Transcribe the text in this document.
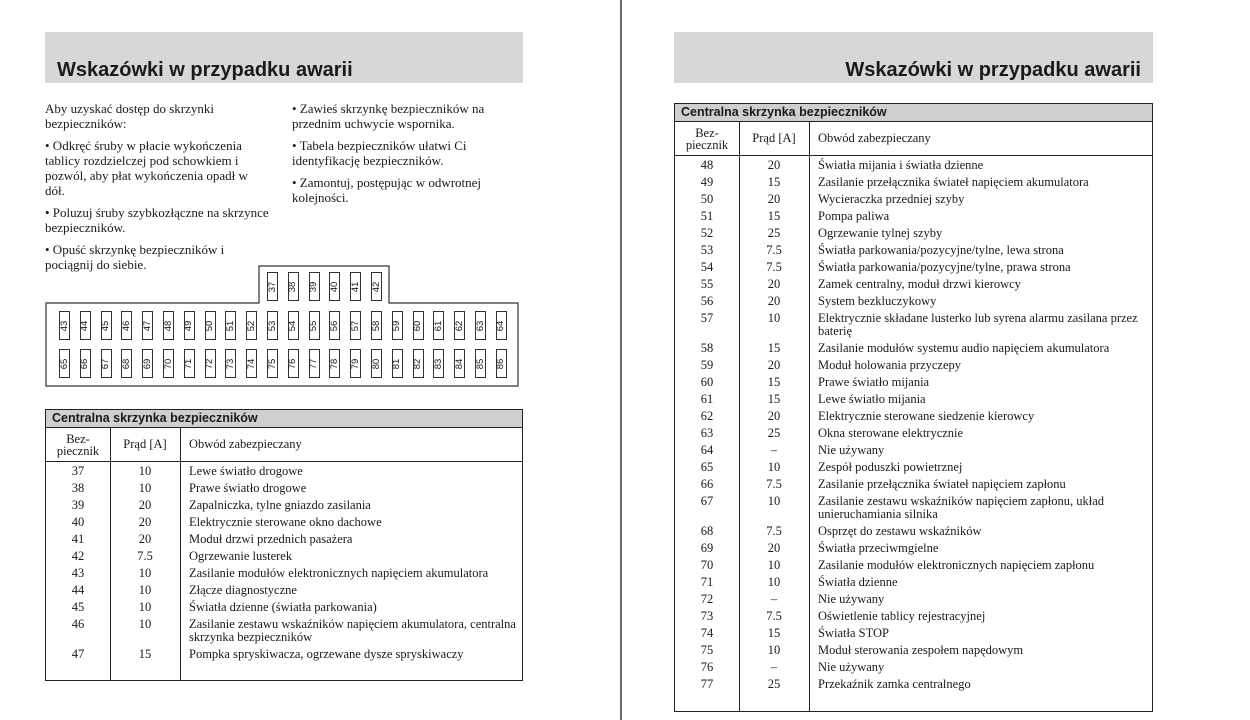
Wskazówki w przypadku awarii

Aby uzyskać dostęp do skrzynki bezpieczników:

• Odkręć śruby w płacie wykończenia tablicy rozdzielczej pod schowkiem i pozwól, aby płat wykończenia opadł w dół.

• Poluzuj śruby szybkozłączne na skrzynce bezpieczników.

• Opuść skrzynkę bezpieczników i pociągnij do siebie.

• Zawieś skrzynkę bezpieczników na przednim uchwycie wspornika.

• Tabela bezpieczników ułatwi Ci identyfikację bezpieczników.

• Zamontuj, postępując w odwrotnej kolejności.

37 38 39 40 41 42
43 44 45 46 47 48 49 50 51 52 53 54 55 56 57 58 59 60 61 62 63 64
65 66 67 68 69 70 71 72 73 74 75 76 77 78 79 80 81 82 83 84 85 86
Centralna skrzynka bezpieczników
Bez-
piecznik	Prąd [A]	Obwód zabezpieczany
37	10	Lewe światło drogowe
38	10	Prawe światło drogowe
39	20	Zapalniczka, tylne gniazdo zasilania
40	20	Elektrycznie sterowane okno dachowe
41	20	Moduł drzwi przednich pasażera
42	7.5	Ogrzewanie lusterek
43	10	Zasilanie modułów elektronicznych napięciem akumulatora
44	10	Złącze diagnostyczne
45	10	Światła dzienne (światła parkowania)
46	10	Zasilanie zestawu wskaźników napięciem akumulatora, centralna skrzynka bezpieczników
47	15	Pompka spryskiwacza, ogrzewane dysze spryskiwaczy
Wskazówki w przypadku awarii
Centralna skrzynka bezpieczników
Bez-
piecznik	Prąd [A]	Obwód zabezpieczany
48	20	Światła mijania i światła dzienne
49	15	Zasilanie przełącznika świateł napięciem akumulatora
50	20	Wycieraczka przedniej szyby
51	15	Pompa paliwa
52	25	Ogrzewanie tylnej szyby
53	7.5	Światła parkowania/pozycyjne/tylne, lewa strona
54	7.5	Światła parkowania/pozycyjne/tylne, prawa strona
55	20	Zamek centralny, moduł drzwi kierowcy
56	20	System bezkluczykowy
57	10	Elektrycznie składane lusterko lub syrena alarmu zasilana przez baterię
58	15	Zasilanie modułów systemu audio napięciem akumulatora
59	20	Moduł holowania przyczepy
60	15	Prawe światło mijania
61	15	Lewe światło mijania
62	20	Elektrycznie sterowane siedzenie kierowcy
63	25	Okna sterowane elektrycznie
64	–	Nie używany
65	10	Zespół poduszki powietrznej
66	7.5	Zasilanie przełącznika świateł napięciem zapłonu
67	10	Zasilanie zestawu wskaźników napięciem zapłonu, układ unieruchamiania silnika
68	7.5	Osprzęt do zestawu wskaźników
69	20	Światła przeciwmgielne
70	10	Zasilanie modułów elektronicznych napięciem zapłonu
71	10	Światła dzienne
72	–	Nie używany
73	7.5	Oświetlenie tablicy rejestracyjnej
74	15	Światła STOP
75	10	Moduł sterowania zespołem napędowym
76	–	Nie używany
77	25	Przekaźnik zamka centralnego
